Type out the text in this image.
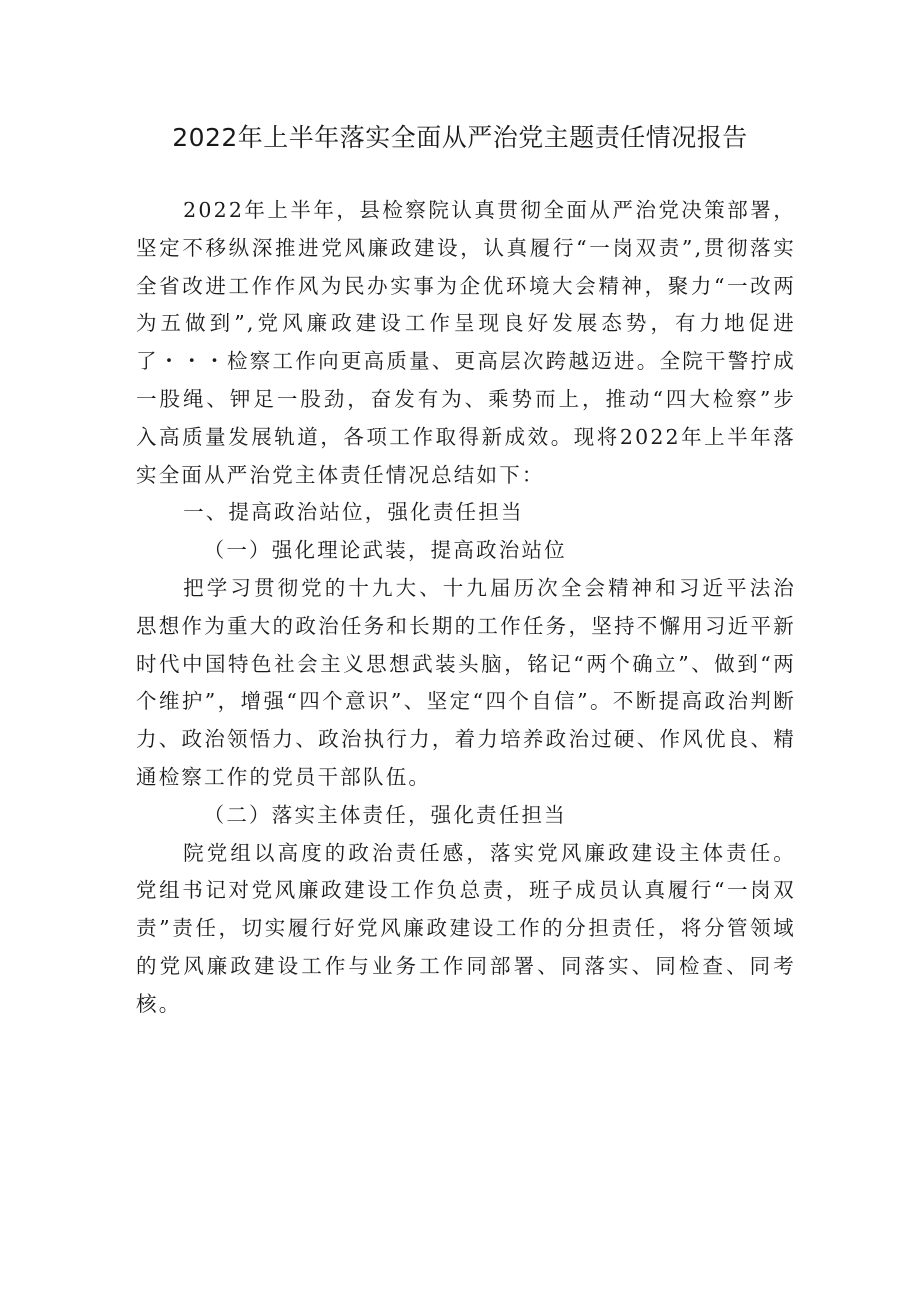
2022年上半年落实全面从严治党主题责任情况报告

2022年上半年，县检察院认真贯彻全面从严治党决策部署，坚定不移纵深推进党风廉政建设，认真履行“一岗双责”,贯彻落实全省改进工作作风为民办实事为企优环境大会精神，聚力“一改两为五做到”,党风廉政建设工作呈现良好发展态势，有力地促进了・・・检察工作向更高质量、更高层次跨越迈进。全院干警拧成一股绳、钾足一股劲，奋发有为、乘势而上，推动“四大检察”步入高质量发展轨道，各项工作取得新成效。现将2022年上半年落实全面从严治党主体责任情况总结如下：

一、提高政治站位，强化责任担当

（一）强化理论武装，提高政治站位

把学习贯彻党的十九大、十九届历次全会精神和习近平法治思想作为重大的政治任务和长期的工作任务，坚持不懈用习近平新时代中国特色社会主义思想武装头脑，铭记“两个确立”、做到“两个维护”，增强“四个意识”、坚定“四个自信”。不断提高政治判断力、政治领悟力、政治执行力，着力培养政治过硬、作风优良、精通检察工作的党员干部队伍。

（二）落实主体责任，强化责任担当

院党组以高度的政治责任感，落实党风廉政建设主体责任。党组书记对党风廉政建设工作负总责，班子成员认真履行“一岗双责”责任，切实履行好党风廉政建设工作的分担责任，将分管领域的党风廉政建设工作与业务工作同部署、同落实、同检查、同考核。
